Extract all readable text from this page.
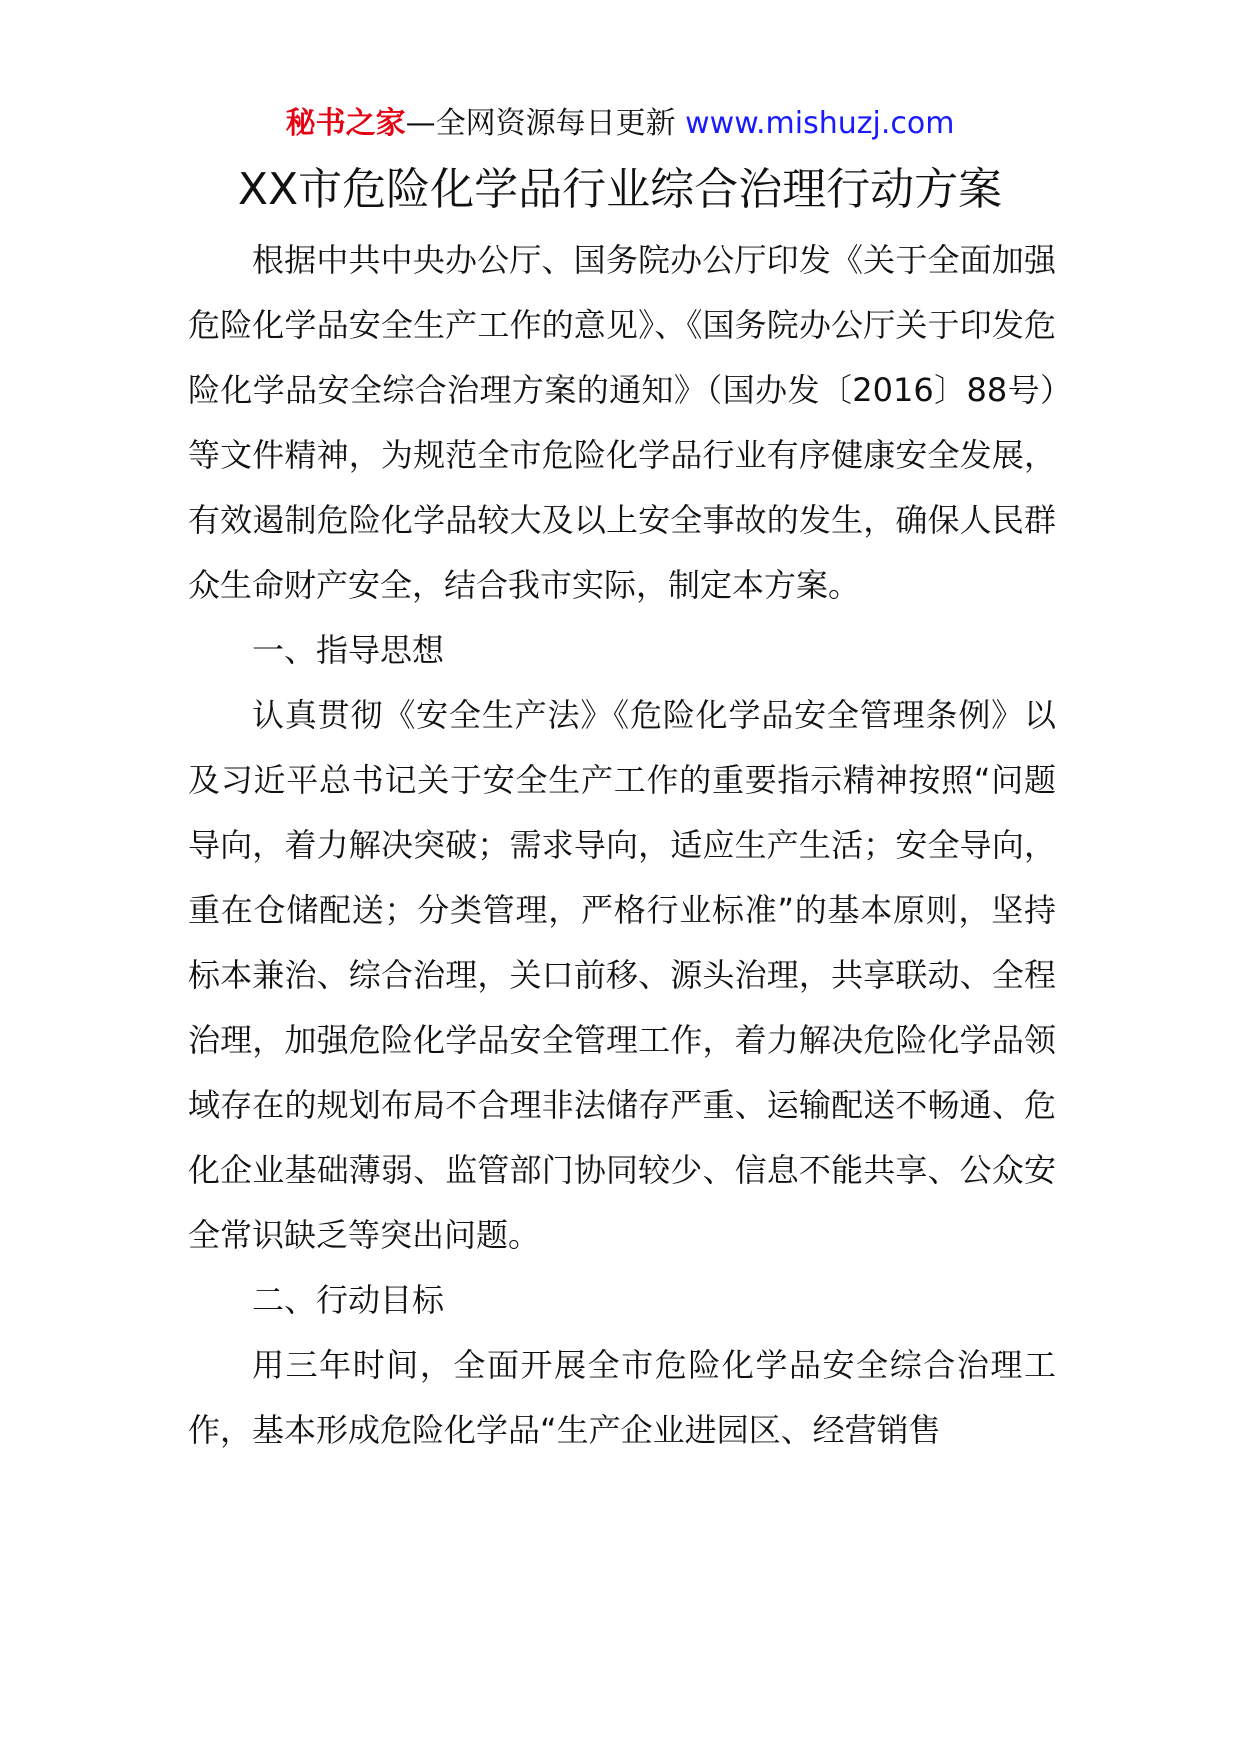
秘书之家—全网资源每日更新 www.mishuzj.com
XX市危险化学品行业综合治理行动方案

根据中共中央办公厅、国务院办公厅印发《关于全面加强危险化学品安全生产工作的意见》、《国务院办公厅关于印发危险化学品安全综合治理方案的通知》（国办发〔2016〕88号）等文件精神，为规范全市危险化学品行业有序健康安全发展，有效遏制危险化学品较大及以上安全事故的发生，确保人民群众生命财产安全，结合我市实际，制定本方案。

一、指导思想

认真贯彻《安全生产法》《危险化学品安全管理条例》以及习近平总书记关于安全生产工作的重要指示精神按照“问题导向，着力解决突破；需求导向，适应生产生活；安全导向，重在仓储配送；分类管理，严格行业标准”的基本原则，坚持标本兼治、综合治理，关口前移、源头治理，共享联动、全程治理，加强危险化学品安全管理工作，着力解决危险化学品领域存在的规划布局不合理非法储存严重、运输配送不畅通、危化企业基础薄弱、监管部门协同较少、信息不能共享、公众安全常识缺乏等突出问题。

二、行动目标

用三年时间，全面开展全市危险化学品安全综合治理工作，基本形成危险化学品“生产企业进园区、经营销售
